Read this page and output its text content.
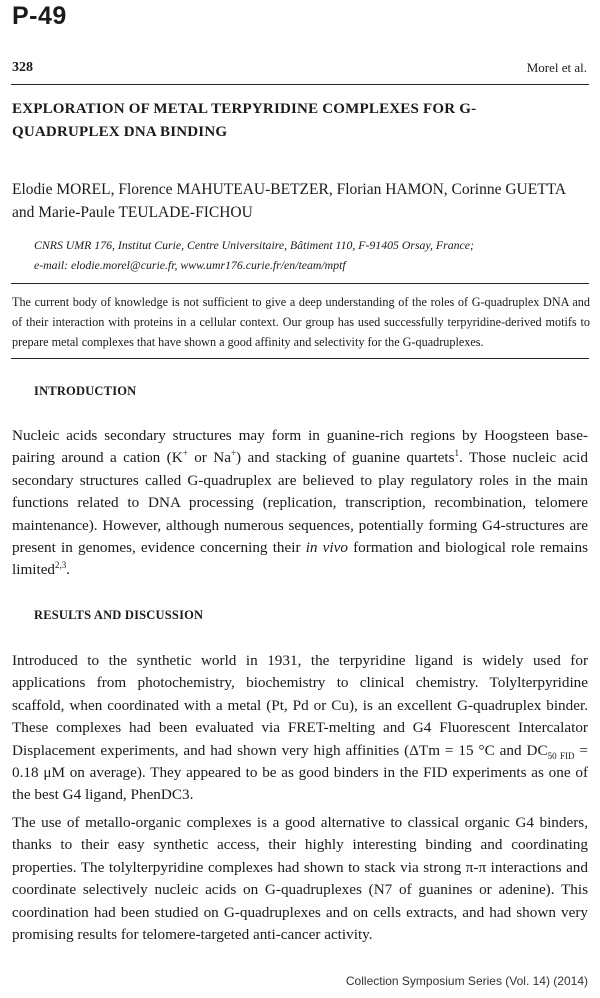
P-49
328	Morel et al.
EXPLORATION OF METAL TERPYRIDINE COMPLEXES FOR G-QUADRUPLEX DNA BINDING
Elodie MOREL, Florence MAHUTEAU-BETZER, Florian HAMON, Corinne GUETTA and Marie-Paule TEULADE-FICHOU
CNRS UMR 176, Institut Curie, Centre Universitaire, Bâtiment 110, F-91405 Orsay, France;
e-mail: elodie.morel@curie.fr, www.umr176.curie.fr/en/team/mptf
The current body of knowledge is not sufficient to give a deep understanding of the roles of G-quadruplex DNA and of their interaction with proteins in a cellular context. Our group has used successfully terpyridine-derived motifs to prepare metal complexes that have shown a good affinity and selectivity for the G-quadruplexes.
INTRODUCTION
Nucleic acids secondary structures may form in guanine-rich regions by Hoogsteen base-pairing around a cation (K+ or Na+) and stacking of guanine quartets$^1$. Those nucleic acid secondary structures called G-quadruplex are believed to play regulatory roles in the main functions related to DNA processing (replication, transcription, recombination, telomere maintenance). However, although numerous sequences, potentially forming G4-structures are present in genomes, evidence concerning their in vivo formation and biological role remains limited$^{2,3}$.
RESULTS AND DISCUSSION
Introduced to the synthetic world in 1931, the terpyridine ligand is widely used for applications from photochemistry, biochemistry to clinical chemistry. Tolylterpyridine scaffold, when coordinated with a metal (Pt, Pd or Cu), is an excellent G-quadruplex binder. These complexes had been evaluated via FRET-melting and G4 Fluorescent Intercalator Displacement experiments, and had shown very high affinities (ΔTm = 15 °C and $DC_{50 FID} = 0.18$ μM on average). They appeared to be as good binders in the FID experiments as one of the best G4 ligand, PhenDC3.
The use of metallo-organic complexes is a good alternative to classical organic G4 binders, thanks to their easy synthetic access, their highly interesting binding and coordinating properties. The tolylterpyridine complexes had shown to stack via strong π-π interactions and coordinate selectively nucleic acids on G-quadruplexes (N7 of guanines or adenine). This coordination had been studied on G-quadruplexes and on cells extracts, and had shown very promising results for telomere-targeted anti-cancer activity.
Collection Symposium Series (Vol. 14) (2014)
